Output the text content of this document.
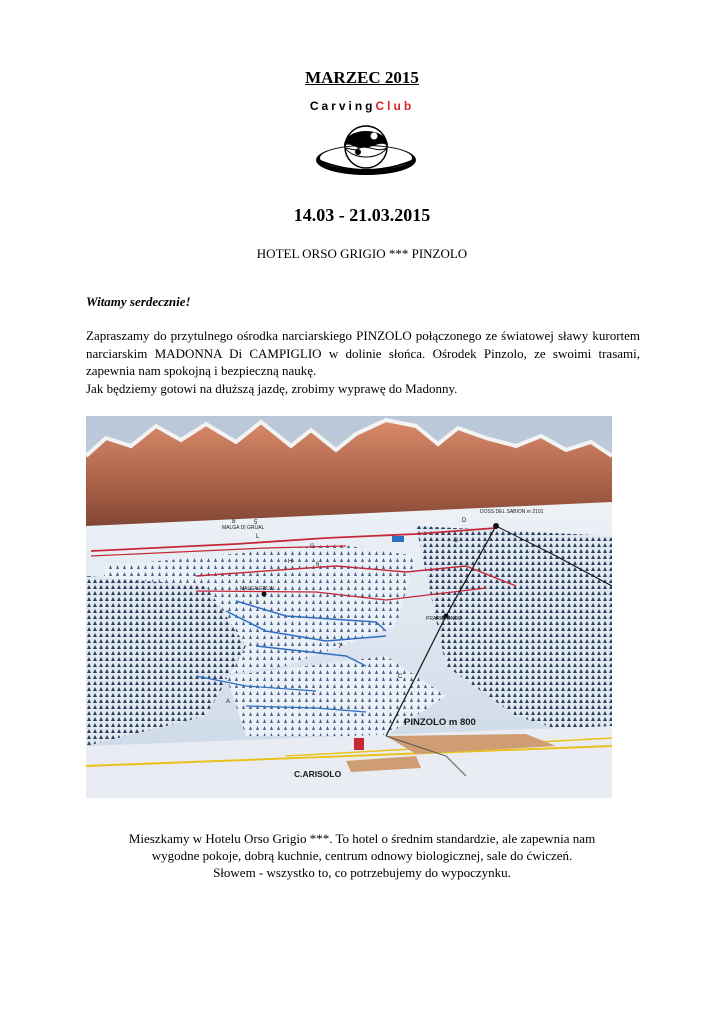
MARZEC 2015
CarvingClub
14.03 - 21.03.2015
HOTEL ORSO GRIGIO *** PINZOLO
Witamy serdecznie!

Zapraszamy do przytulnego ośrodka narciarskiego PINZOLO połączonego ze światowej sławy kurortem narciarskim MADONNA Di CAMPIGLIO w dolinie słońca. Ośrodek Pinzolo, ze swoimi trasami, zapewnia nam spokojną i bezpieczną naukę.

Jak będziemy gotowi na dłuższą jazdę, zrobimy wyprawę do Madonny.

PINZOLO m 800
C.ARISOLO
MALGA DI GRUAL
DOSS DEL SABION m 2101
PRAROTONDO
MALGA GRUAL
8	5
L
G
H	6
2
I
7
A
C
D
B
Mieszkamy w Hotelu Orso Grigio ***. To hotel o średnim standardzie, ale zapewnia nam
wygodne pokoje, dobrą kuchnie, centrum odnowy biologicznej, sale do ćwiczeń.
Słowem - wszystko to, co potrzebujemy do wypoczynku.
